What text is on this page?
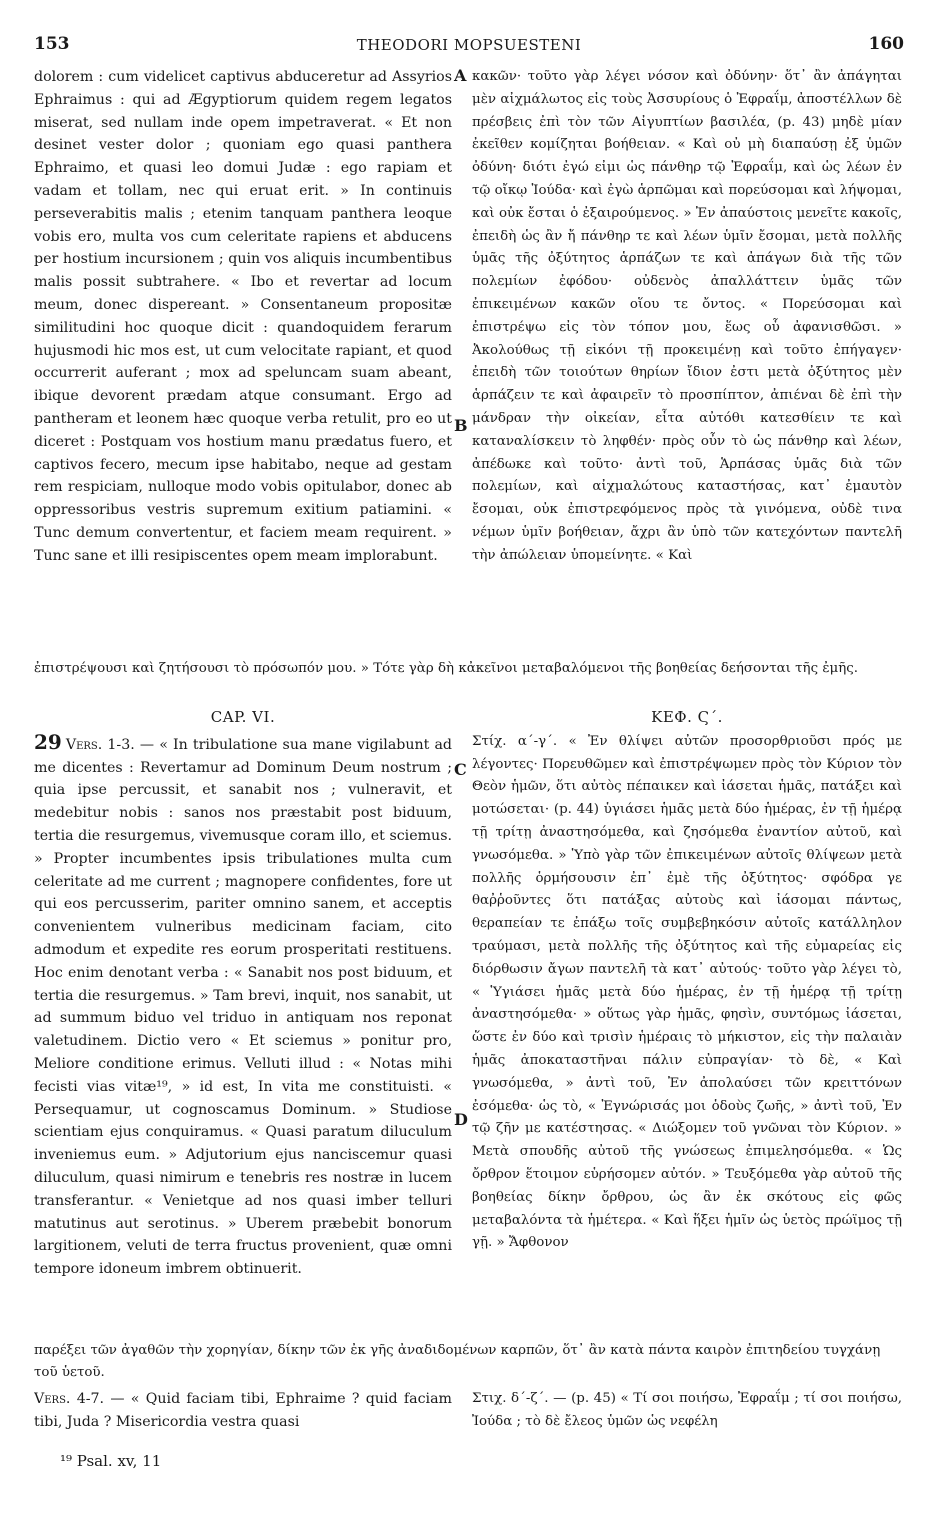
153	THEODORI MOPSUESTENI	160

dolorem : cum videlicet captivus abduceretur ad Assyrios Ephraimus : qui ad Ægyptiorum quidem regem legatos miserat, sed nullam inde opem impetraverat. « Et non desinet vester dolor ; quoniam ego quasi panthera Ephraimo, et quasi leo domui Judæ : ego rapiam et vadam et tollam, nec qui eruat erit. » In continuis perseverabitis malis ; etenim tanquam panthera leoque vobis ero, multa vos cum celeritate rapiens et abducens per hostium incursionem ; quin vos aliquis incumbentibus malis possit subtrahere. « Ibo et revertar ad locum meum, donec dispereant. » Consentaneum propositæ similitudini hoc quoque dicit : quandoquidem ferarum hujusmodi hic mos est, ut cum velocitate rapiant, et quod occurrerit auferant ; mox ad speluncam suam abeant, ibique devorent prædam atque consumant. Ergo ad pantheram et leonem hæc quoque verba retulit, pro eo ut diceret : Postquam vos hostium manu prædatus fuero, et captivos fecero, mecum ipse habitabo, neque ad gestam rem respiciam, nulloque modo vobis opitulabor, donec ab oppressoribus vestris supremum exitium patiamini. « Tunc demum convertentur, et faciem meam requirent. » Tunc sane et illi resipiscentes opem meam implorabunt.

κακῶν· τοῦτο γὰρ λέγει νόσον καὶ ὀδύνην· ὅτ᾽ ἂν ἀπάγηται μὲν αἰχμάλωτος εἰς τοὺς Ἀσσυρίους ὁ Ἐφραΐμ, ἀποστέλλων δὲ πρέσβεις ἐπὶ τὸν τῶν Αἰγυπτίων βασιλέα, (p. 43) μηδὲ μίαν ἐκεῖθεν κομίζηται βοήθειαν. « Καὶ οὐ μὴ διαπαύσῃ ἐξ ὑμῶν ὀδύνη· διότι ἐγώ εἰμι ὡς πάνθηρ τῷ Ἐφραΐμ, καὶ ὡς λέων ἐν τῷ οἴκῳ Ἰούδα· καὶ ἐγὼ ἁρπῶμαι καὶ πορεύσομαι καὶ λήψομαι, καὶ οὐκ ἔσται ὁ ἐξαιρούμενος. » Ἐν ἀπαύστοις μενεῖτε κακοῖς, ἐπειδὴ ὡς ἂν ἤ πάνθηρ τε καὶ λέων ὑμῖν ἔσομαι, μετὰ πολλῆς ὑμᾶς τῆς ὀξύτητος ἁρπάζων τε καὶ ἀπάγων διὰ τῆς τῶν πολεμίων ἐφόδου· οὐδενὸς ἀπαλλάττειν ὑμᾶς τῶν ἐπικειμένων κακῶν οἵου τε ὄντος. « Πορεύσομαι καὶ ἐπιστρέψω εἰς τὸν τόπον μου, ἕως οὗ ἀφανισθῶσι. » Ἀκολούθως τῇ εἰκόνι τῇ προκειμένῃ καὶ τοῦτο ἐπήγαγεν· ἐπειδὴ τῶν τοιούτων θηρίων ἴδιον ἐστι μετὰ ὀξύτητος μὲν ἁρπάζειν τε καὶ ἀφαιρεῖν τὸ προσπίπτον, ἀπιέναι δὲ ἐπὶ τὴν μάνδραν τὴν οἰκείαν, εἶτα αὐτόθι κατεσθίειν τε καὶ καταναλίσκειν τὸ ληφθέν· πρὸς οὖν τὸ ὡς πάνθηρ καὶ λέων, ἀπέδωκε καὶ τοῦτο· ἀντὶ τοῦ, Ἁρπάσας ὑμᾶς διὰ τῶν πολεμίων, καὶ αἰχμαλώτους καταστήσας, κατ᾽ ἐμαυτὸν ἔσομαι, οὐκ ἐπιστρεφόμενος πρὸς τὰ γινόμενα, οὐδὲ τινα νέμων ὑμῖν βοήθειαν, ἄχρι ἂν ὑπὸ τῶν κατεχόντων παντελῆ τὴν ἀπώλειαν ὑπομείνητε. « Καὶ

ἐπιστρέψουσι καὶ ζητήσουσι τὸ πρόσωπόν μου. » Τότε γὰρ δὴ κἀκεῖνοι μεταβαλόμενοι τῆς βοηθείας δεήσονται τῆς ἐμῆς.
CAP. VI.

29 Vers. 1-3. — « In tribulatione sua mane vigilabunt ad me dicentes : Revertamur ad Dominum Deum nostrum ; quia ipse percussit, et sanabit nos ; vulneravit, et medebitur nobis : sanos nos præstabit post biduum, tertia die resurgemus, vivemusque coram illo, et sciemus. » Propter incumbentes ipsis tribulationes multa cum celeritate ad me current ; magnopere confidentes, fore ut qui eos percusserim, pariter omnino sanem, et acceptis convenientem vulneribus medicinam faciam, cito admodum et expedite res eorum prosperitati restituens. Hoc enim denotant verba : « Sanabit nos post biduum, et tertia die resurgemus. » Tam brevi, inquit, nos sanabit, ut ad summum biduo vel triduo in antiquam nos reponat valetudinem. Dictio vero « Et sciemus » ponitur pro, Meliore conditione erimus. Velluti illud : « Notas mihi fecisti vias vitæ¹⁹, » id est, In vita me constituisti. « Persequamur, ut cognoscamus Dominum. » Studiose scientiam ejus conquiramus. « Quasi paratum diluculum inveniemus eum. » Adjutorium ejus nanciscemur quasi diluculum, quasi nimirum e tenebris res nostræ in lucem transferantur. « Venietque ad nos quasi imber telluri matutinus aut serotinus. » Uberem præbebit bonorum largitionem, veluti de terra fructus provenient, quæ omni tempore idoneum imbrem obtinuerit.

ΚΕΦ. Ϛ΄.

Στίχ. α΄-γ΄. « Ἐν θλίψει αὐτῶν προσορθριοῦσι πρός με λέγοντες· Πορευθῶμεν καὶ ἐπιστρέψωμεν πρὸς τὸν Κύριον τὸν Θεὸν ἡμῶν, ὅτι αὐτὸς πέπαικεν καὶ ἰάσεται ἡμᾶς, πατάξει καὶ μοτώσεται· (p. 44) ὑγιάσει ἡμᾶς μετὰ δύο ἡμέρας, ἐν τῇ ἡμέρᾳ τῇ τρίτῃ ἀναστησόμεθα, καὶ ζησόμεθα ἐναντίον αὐτοῦ, καὶ γνωσόμεθα. » Ὑπὸ γὰρ τῶν ἐπικειμένων αὐτοῖς θλίψεων μετὰ πολλῆς ὁρμήσουσιν ἐπ᾽ ἐμὲ τῆς ὀξύτητος· σφόδρα γε θαῤῥοῦντες ὅτι πατάξας αὐτοὺς καὶ ἰάσομαι πάντως, θεραπείαν τε ἐπάξω τοῖς συμβεβηκόσιν αὐτοῖς κατάλληλον τραύμασι, μετὰ πολλῆς τῆς ὀξύτητος καὶ τῆς εὐμαρείας εἰς διόρθωσιν ἄγων παντελῆ τὰ κατ᾽ αὐτούς· τοῦτο γὰρ λέγει τὸ, « Ὑγιάσει ἡμᾶς μετὰ δύο ἡμέρας, ἐν τῇ ἡμέρᾳ τῇ τρίτῃ ἀναστησόμεθα· » οὕτως γὰρ ἡμᾶς, φησὶν, συντόμως ἰάσεται, ὥστε ἐν δύο καὶ τρισὶν ἡμέραις τὸ μήκιστον, εἰς τὴν παλαιὰν ἡμᾶς ἀποκαταστῆναι πάλιν εὐπραγίαν· τὸ δὲ, « Καὶ γνωσόμεθα, » ἀντὶ τοῦ, Ἐν ἀπολαύσει τῶν κρειττόνων ἐσόμεθα· ὡς τὸ, « Ἐγνώρισάς μοι ὁδοὺς ζωῆς, » ἀντὶ τοῦ, Ἐν τῷ ζῆν με κατέστησας. « Διώξομεν τοῦ γνῶναι τὸν Κύριον. » Μετὰ σπουδῆς αὐτοῦ τῆς γνώσεως ἐπιμελησόμεθα. « Ὡς ὄρθρον ἕτοιμον εὑρήσομεν αὐτόν. » Τευξόμεθα γὰρ αὐτοῦ τῆς βοηθείας δίκην ὄρθρου, ὡς ἂν ἐκ σκότους εἰς φῶς μεταβαλόντα τὰ ἡμέτερα. « Καὶ ἥξει ἡμῖν ὡς ὑετὸς πρώϊμος τῇ γῇ. » Ἄφθονον

παρέξει τῶν ἀγαθῶν τὴν χορηγίαν, δίκην τῶν ἐκ γῆς ἀναδιδομένων καρπῶν, ὅτ᾽ ἂν κατὰ πάντα καιρὸν ἐπιτηδείου τυγχάνῃ τοῦ ὑετοῦ.

Vers. 4-7. — « Quid faciam tibi, Ephraime ? quid faciam tibi, Juda ? Misericordia vestra quasi

Στιχ. δ΄-ζ΄. — (p. 45) « Τί σοι ποιήσω, Ἐφραΐμ ; τί σοι ποιήσω, Ἰούδα ; τὸ δὲ ἔλεος ὑμῶν ὡς νεφέλη

A
B
C
D
¹⁹ Psal. xv, 11
